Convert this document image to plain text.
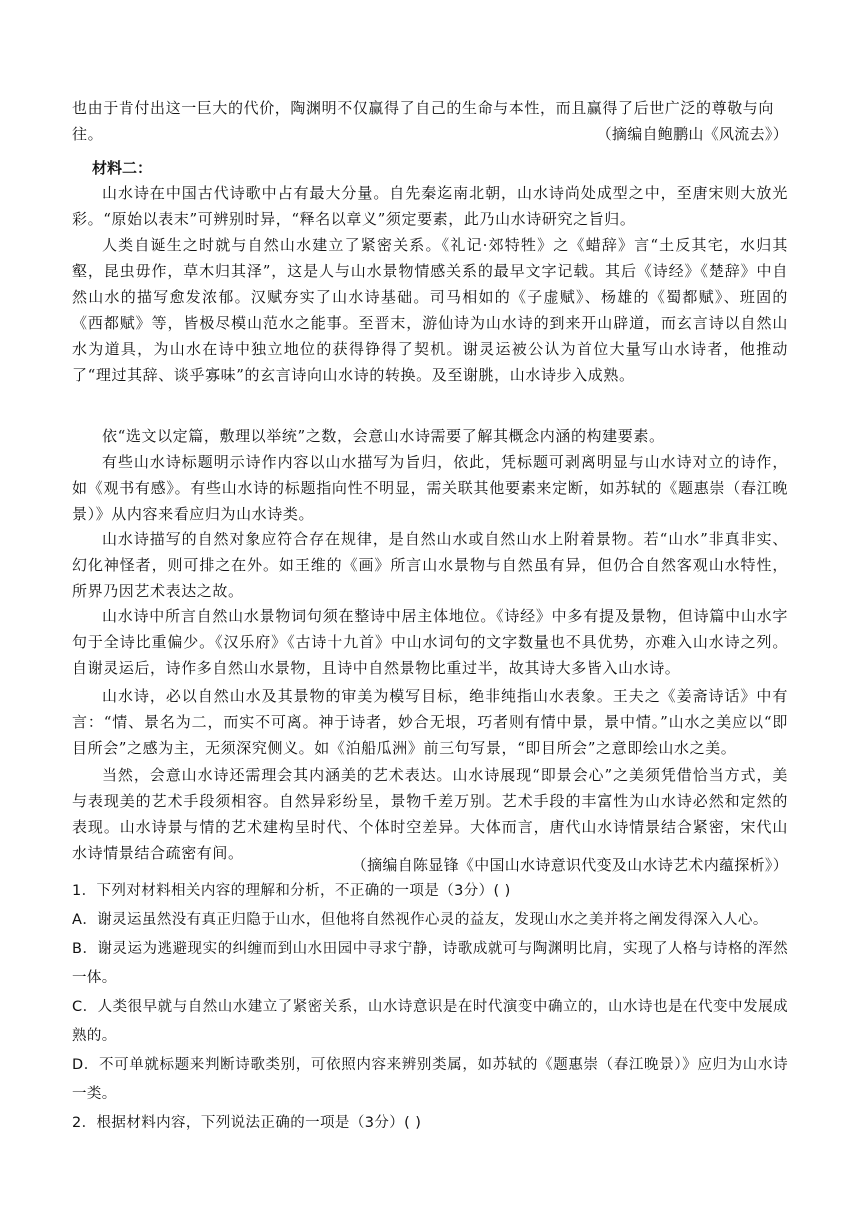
也由于肯付出这一巨大的代价，陶渊明不仅赢得了自己的生命与本性，而且赢得了后世广泛的尊敬与向往。	（摘编自鲍鹏山《风流去》）

材料二：

山水诗在中国古代诗歌中占有最大分量。自先秦迄南北朝，山水诗尚处成型之中，至唐宋则大放光彩。“原始以表末”可辨别时异，“释名以章义”须定要素，此乃山水诗研究之旨归。

人类自诞生之时就与自然山水建立了紧密关系。《礼记·郊特牲》之《蜡辞》言“土反其宅，水归其壑，昆虫毋作，草木归其泽”，这是人与山水景物情感关系的最早文字记载。其后《诗经》《楚辞》中自然山水的描写愈发浓郁。汉赋夯实了山水诗基础。司马相如的《子虚赋》、杨雄的《蜀都赋》、班固的《西都赋》等，皆极尽模山范水之能事。至晋末，游仙诗为山水诗的到来开山辟道，而玄言诗以自然山水为道具，为山水在诗中独立地位的获得铮得了契机。谢灵运被公认为首位大量写山水诗者，他推动了“理过其辞、谈乎寡味”的玄言诗向山水诗的转换。及至谢朓，山水诗步入成熟。

依“选文以定篇，敷理以举统”之数，会意山水诗需要了解其概念内涵的构建要素。

有些山水诗标题明示诗作内容以山水描写为旨归，依此，凭标题可剥离明显与山水诗对立的诗作，如《观书有感》。有些山水诗的标题指向性不明显，需关联其他要素来定断，如苏轼的《题惠崇（春江晚景）》从内容来看应归为山水诗类。

山水诗描写的自然对象应符合存在规律，是自然山水或自然山水上附着景物。若“山水”非真非实、幻化神怪者，则可排之在外。如王维的《画》所言山水景物与自然虽有异，但仍合自然客观山水特性，所界乃因艺术表达之故。

山水诗中所言自然山水景物词句须在整诗中居主体地位。《诗经》中多有提及景物，但诗篇中山水字句于全诗比重偏少。《汉乐府》《古诗十九首》中山水词句的文字数量也不具优势，亦难入山水诗之列。自谢灵运后，诗作多自然山水景物，且诗中自然景物比重过半，故其诗大多皆入山水诗。

山水诗，必以自然山水及其景物的审美为模写目标，绝非纯指山水表象。王夫之《姜斋诗话》中有言：“情、景名为二，而实不可离。神于诗者，妙合无垠，巧者则有情中景，景中情。”山水之美应以“即目所会”之感为主，无须深究侧义。如《泊船瓜洲》前三句写景，“即目所会”之意即绘山水之美。

当然，会意山水诗还需理会其内涵美的艺术表达。山水诗展现“即景会心”之美须凭借恰当方式，美与表现美的艺术手段须相容。自然异彩纷呈，景物千差万别。艺术手段的丰富性为山水诗必然和定然的表现。山水诗景与情的艺术建构呈时代、个体时空差异。大体而言，唐代山水诗情景结合紧密，宋代山水诗情景结合疏密有间。

（摘编自陈显锋《中国山水诗意识代变及山水诗艺术内蕴探析》）

1．下列对材料相关内容的理解和分析，不正确的一项是（3分）( )

A．谢灵运虽然没有真正归隐于山水，但他将自然视作心灵的益友，发现山水之美并将之阐发得深入人心。

B．谢灵运为逃避现实的纠缠而到山水田园中寻求宁静，诗歌成就可与陶渊明比肩，实现了人格与诗格的浑然一体。

C．人类很早就与自然山水建立了紧密关系，山水诗意识是在时代演变中确立的，山水诗也是在代变中发展成熟的。

D．不可单就标题来判断诗歌类别，可依照内容来辨别类属，如苏轼的《题惠崇（春江晚景）》应归为山水诗一类。

2．根据材料内容，下列说法正确的一项是（3分）( )
